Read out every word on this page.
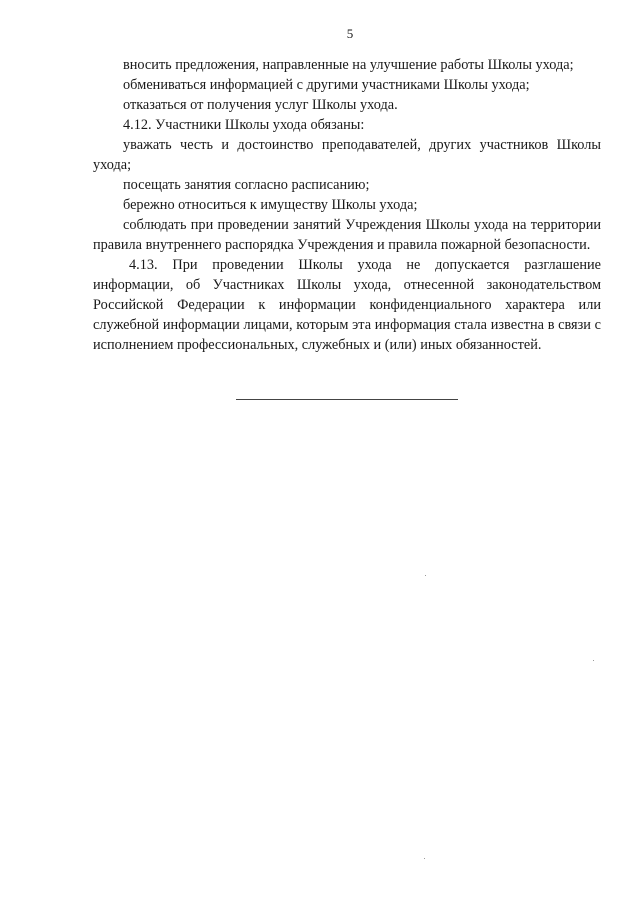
5

вносить предложения, направленные на улучшение работы Школы ухода;

обмениваться информацией с другими участниками Школы ухода;

отказаться от получения услуг Школы ухода.

4.12. Участники Школы ухода обязаны:

уважать честь и достоинство преподавателей, других участников Школы ухода;

посещать занятия согласно расписанию;

бережно относиться к имуществу Школы ухода;

соблюдать при проведении занятий Учреждения Школы ухода на территории правила внутреннего распорядка Учреждения и правила пожарной безопасности.

4.13. При проведении Школы ухода не допускается разглашение информации, об Участниках Школы ухода, отнесенной законодательством Российской Федерации к информации конфиденциального характера или служебной информации лицами, которым эта информация стала известна в связи с исполнением профессиональных, служебных и (или) иных обязанностей.
